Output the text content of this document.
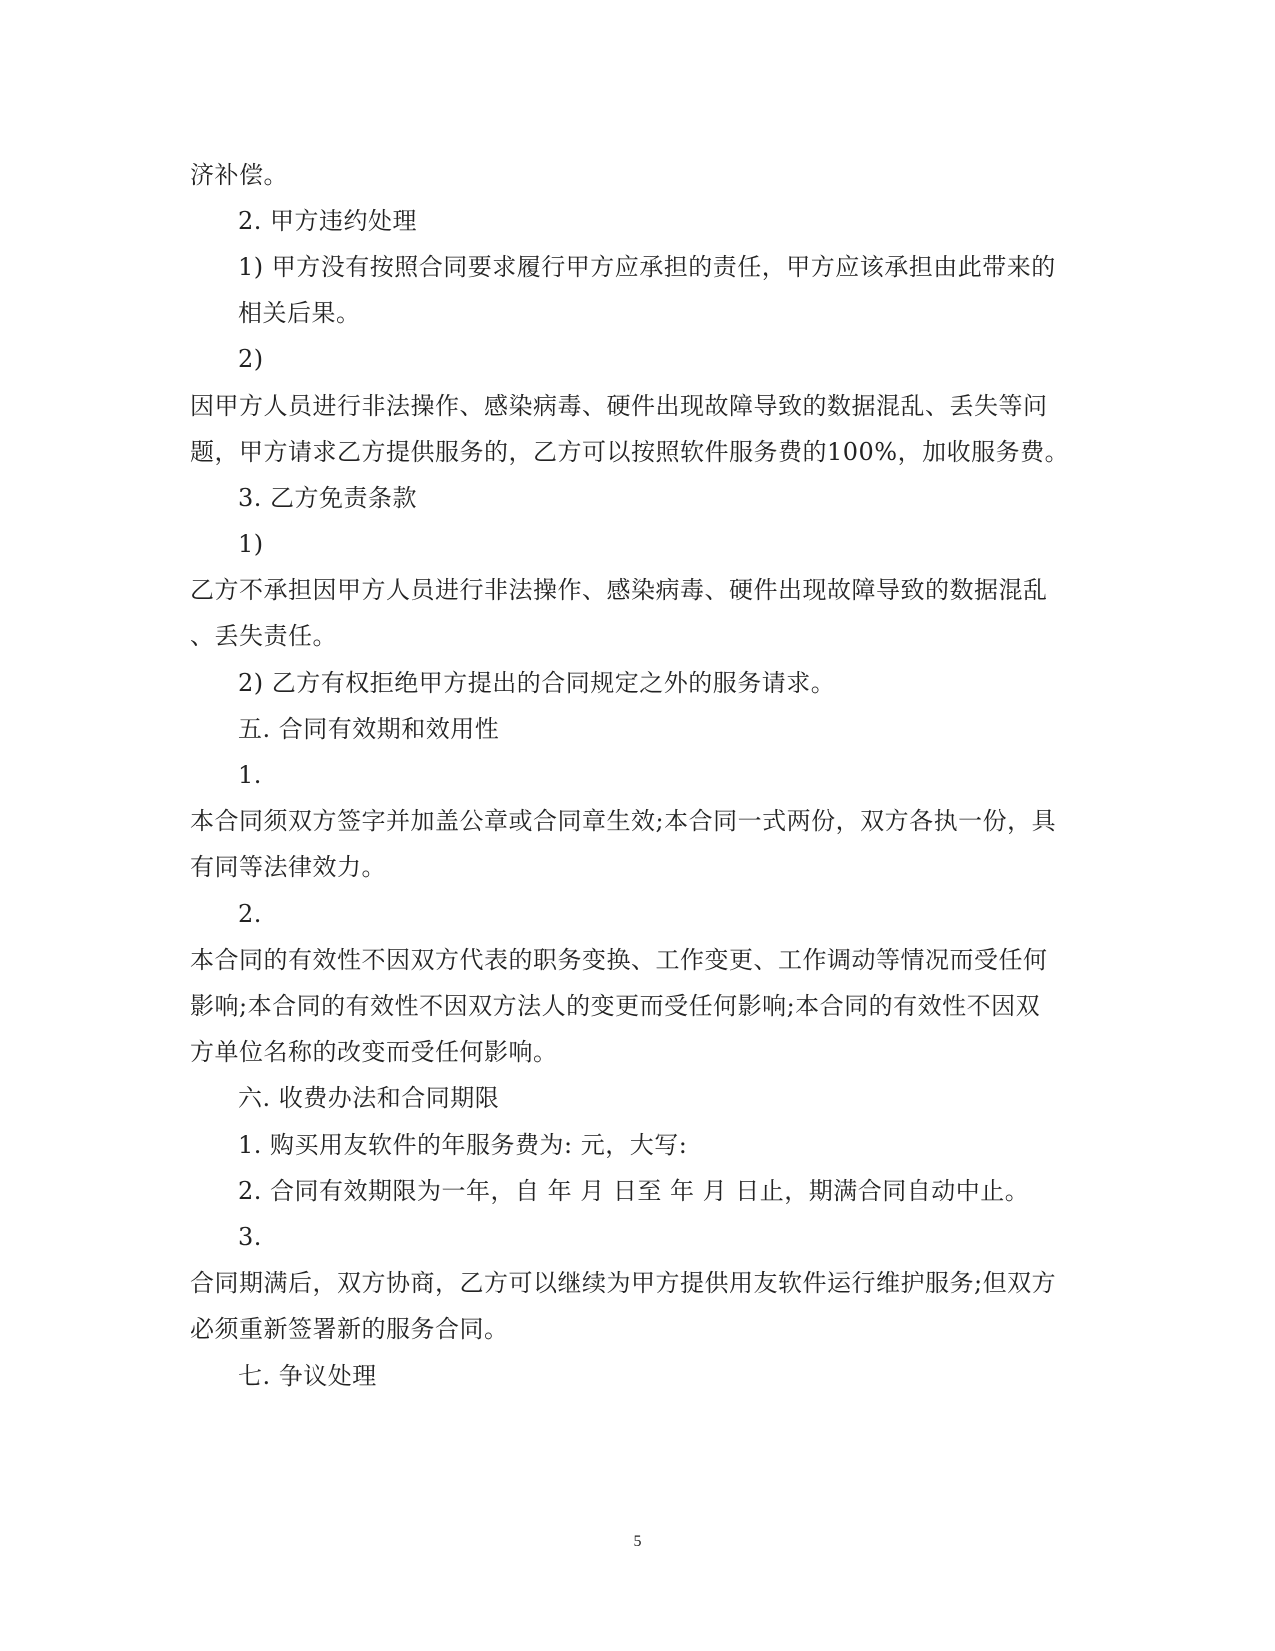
济补偿。
2. 甲方违约处理
1) 甲方没有按照合同要求履行甲方应承担的责任，甲方应该承担由此带来的
相关后果。
2)
因甲方人员进行非法操作、感染病毒、硬件出现故障导致的数据混乱、丢失等问
题，甲方请求乙方提供服务的，乙方可以按照软件服务费的100%，加收服务费。
3. 乙方免责条款
1)
乙方不承担因甲方人员进行非法操作、感染病毒、硬件出现故障导致的数据混乱
、丢失责任。
2) 乙方有权拒绝甲方提出的合同规定之外的服务请求。
五. 合同有效期和效用性
1.
本合同须双方签字并加盖公章或合同章生效;本合同一式两份，双方各执一份，具
有同等法律效力。
2.
本合同的有效性不因双方代表的职务变换、工作变更、工作调动等情况而受任何
影响;本合同的有效性不因双方法人的变更而受任何影响;本合同的有效性不因双
方单位名称的改变而受任何影响。
六. 收费办法和合同期限
1. 购买用友软件的年服务费为: 元，大写:
2. 合同有效期限为一年，自 年 月 日至 年 月 日止，期满合同自动中止。
3.
合同期满后，双方协商，乙方可以继续为甲方提供用友软件运行维护服务;但双方
必须重新签署新的服务合同。
七. 争议处理
5
